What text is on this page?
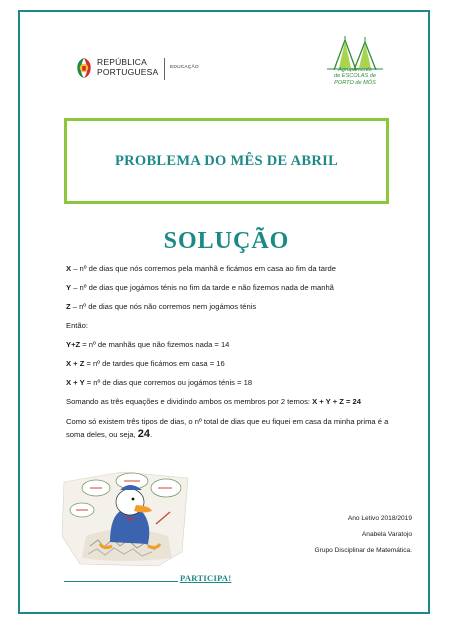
REPÚBLICA
PORTUGUESA EDUCAÇÃO	Agrupamento
de ESCOLAS de
PORTO de MÓS
PROBLEMA DO MÊS DE ABRIL
SOLUÇÃO

X – nº de dias que nós corremos pela manhã e ficámos em casa ao fim da tarde

Y – nº de dias que jogámos ténis no fim da tarde e não fizemos nada de manhã

Z – nº de dias que nós não corremos nem jogámos ténis

Então:

Y+Z = nº de manhãs que não fizemos nada = 14

X + Z = nº de tardes que ficámos em casa = 16

X + Y = nº de dias que corremos ou jogámos ténis = 18

Somando as três equações e dividindo ambos os membros por 2 temos: X + Y + Z = 24

Como só existem três tipos de dias, o nº total de dias que eu fiquei em casa da minha prima é a soma deles, ou seja, 24.

Ano Letivo 2018/2019
Anabela Varatojo
Grupo Disciplinar de Matemática.
PARTICIPA!
